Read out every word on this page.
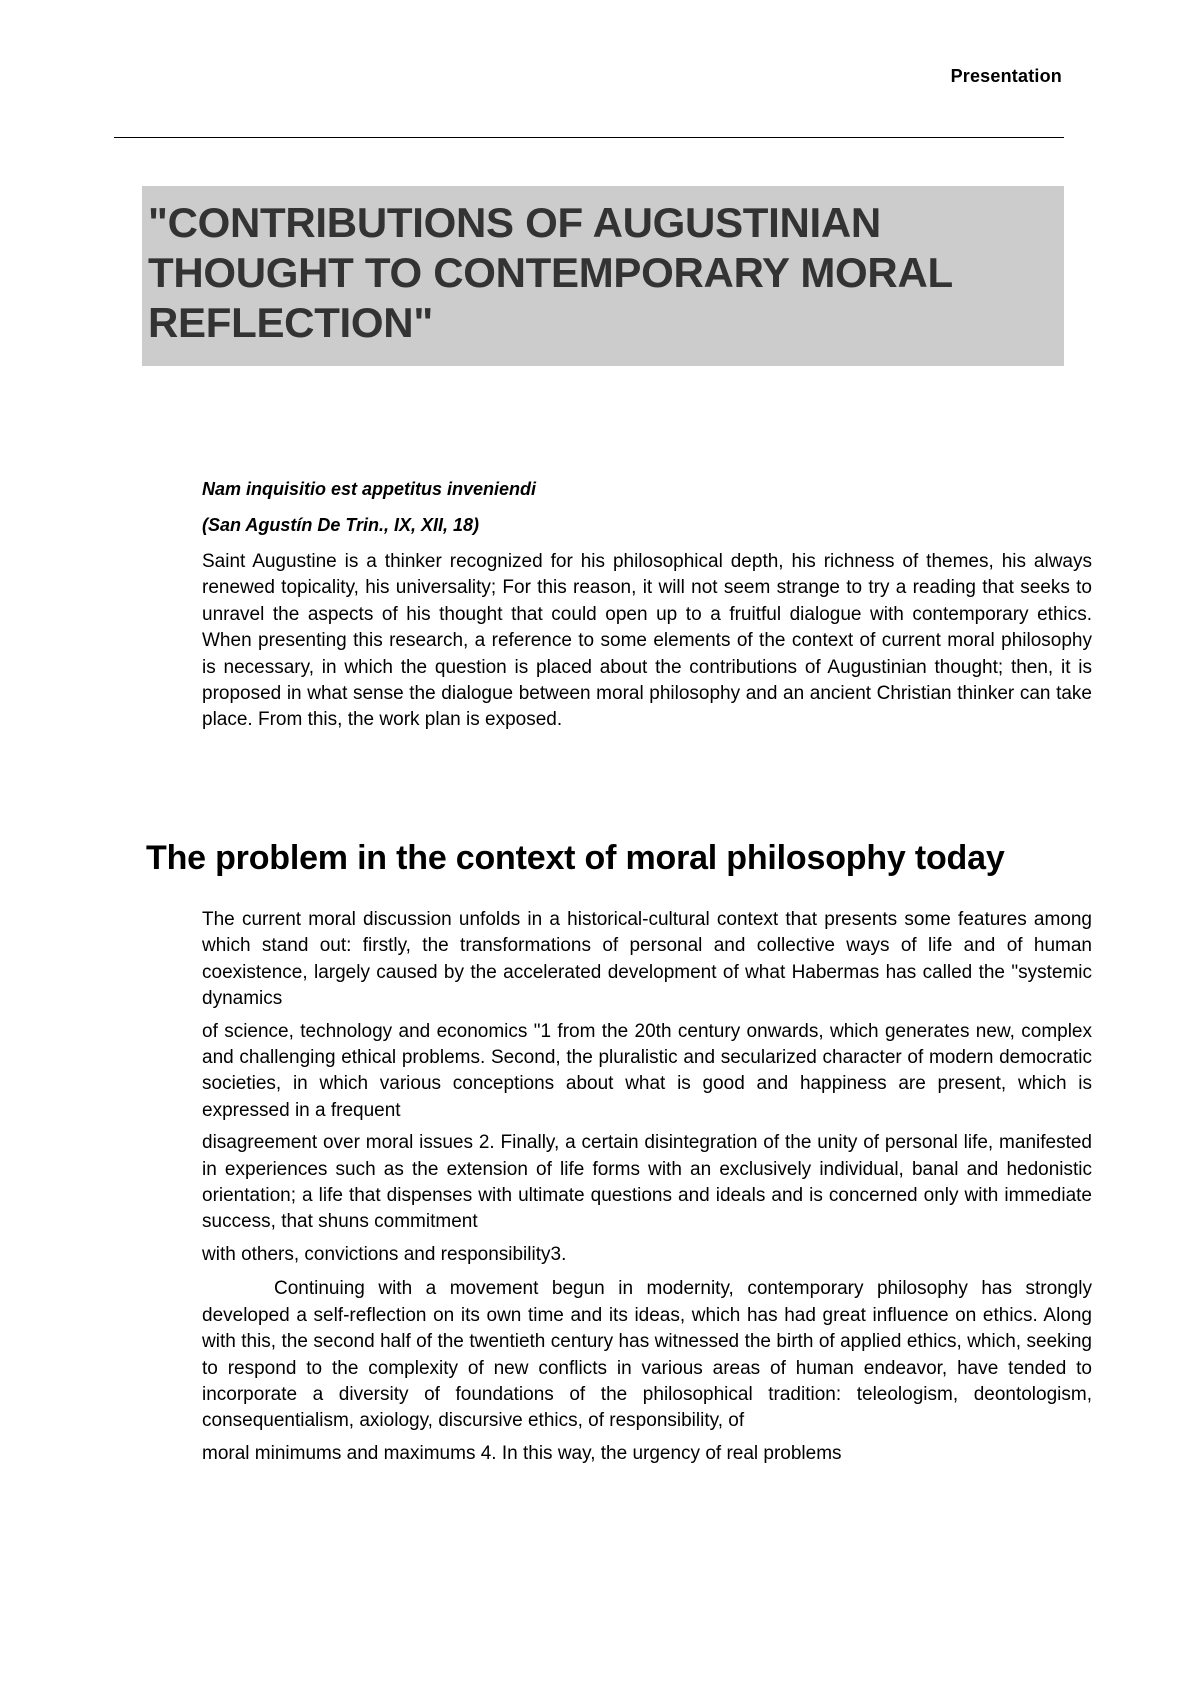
Presentation
"CONTRIBUTIONS OF AUGUSTINIAN THOUGHT TO CONTEMPORARY MORAL REFLECTION"

Nam inquisitio est appetitus inveniendi

(San Agustín De Trin., IX, XII, 18)

Saint Augustine is a thinker recognized for his philosophical depth, his richness of themes, his always renewed topicality, his universality; For this reason, it will not seem strange to try a reading that seeks to unravel the aspects of his thought that could open up to a fruitful dialogue with contemporary ethics. When presenting this research, a reference to some elements of the context of current moral philosophy is necessary, in which the question is placed about the contributions of Augustinian thought; then, it is proposed in what sense the dialogue between moral philosophy and an ancient Christian thinker can take place. From this, the work plan is exposed.

The problem in the context of moral philosophy today

The current moral discussion unfolds in a historical-cultural context that presents some features among which stand out: firstly, the transformations of personal and collective ways of life and of human coexistence, largely caused by the accelerated development of what Habermas has called the "systemic dynamics

of science, technology and economics "1 from the 20th century onwards, which generates new, complex and challenging ethical problems. Second, the pluralistic and secularized character of modern democratic societies, in which various conceptions about what is good and happiness are present, which is expressed in a frequent

disagreement over moral issues 2. Finally, a certain disintegration of the unity of personal life, manifested in experiences such as the extension of life forms with an exclusively individual, banal and hedonistic orientation; a life that dispenses with ultimate questions and ideals and is concerned only with immediate success, that shuns commitment

with others, convictions and responsibility3.

Continuing with a movement begun in modernity, contemporary philosophy has strongly developed a self-reflection on its own time and its ideas, which has had great influence on ethics. Along with this, the second half of the twentieth century has witnessed the birth of applied ethics, which, seeking to respond to the complexity of new conflicts in various areas of human endeavor, have tended to incorporate a diversity of foundations of the philosophical tradition: teleologism, deontologism, consequentialism, axiology, discursive ethics, of responsibility, of

moral minimums and maximums 4. In this way, the urgency of real problems
